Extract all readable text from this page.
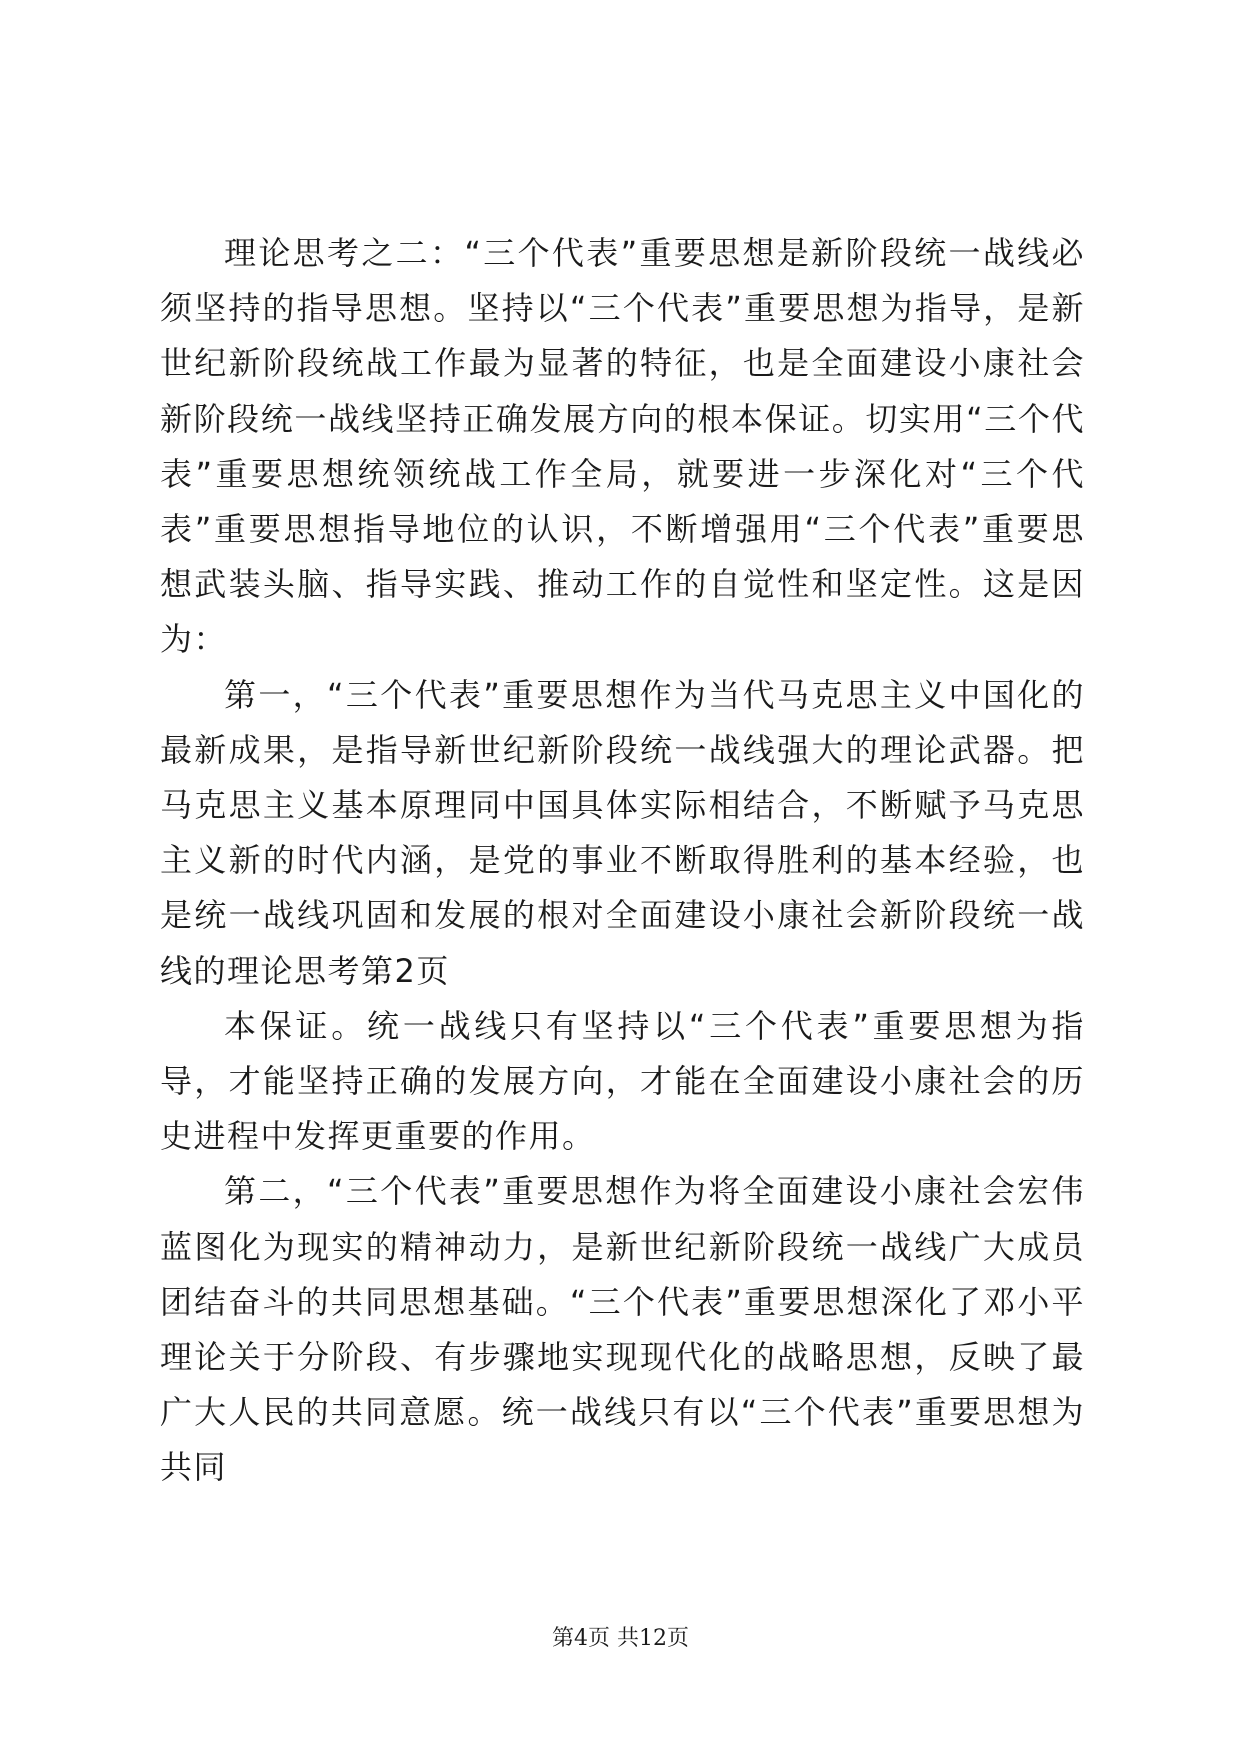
理论思考之二：“三个代表”重要思想是新阶段统一战线必须坚持的指导思想。坚持以“三个代表”重要思想为指导，是新世纪新阶段统战工作最为显著的特征，也是全面建设小康社会新阶段统一战线坚持正确发展方向的根本保证。切实用“三个代表”重要思想统领统战工作全局，就要进一步深化对“三个代表”重要思想指导地位的认识，不断增强用“三个代表”重要思想武装头脑、指导实践、推动工作的自觉性和坚定性。这是因为：

第一，“三个代表”重要思想作为当代马克思主义中国化的最新成果，是指导新世纪新阶段统一战线强大的理论武器。把马克思主义基本原理同中国具体实际相结合，不断赋予马克思主义新的时代内涵，是党的事业不断取得胜利的基本经验，也是统一战线巩固和发展的根对全面建设小康社会新阶段统一战线的理论思考第2页

本保证。统一战线只有坚持以“三个代表”重要思想为指导，才能坚持正确的发展方向，才能在全面建设小康社会的历史进程中发挥更重要的作用。

第二，“三个代表”重要思想作为将全面建设小康社会宏伟蓝图化为现实的精神动力，是新世纪新阶段统一战线广大成员团结奋斗的共同思想基础。“三个代表”重要思想深化了邓小平理论关于分阶段、有步骤地实现现代化的战略思想，反映了最广大人民的共同意愿。统一战线只有以“三个代表”重要思想为共同

第4页 共12页
